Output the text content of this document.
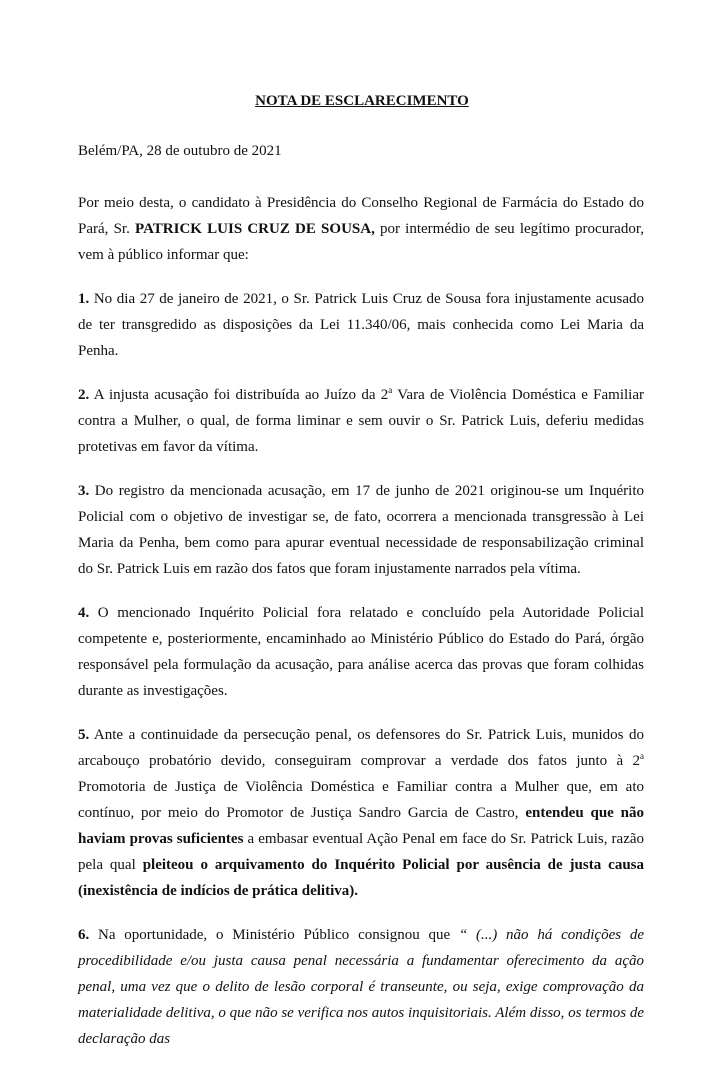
NOTA DE ESCLARECIMENTO

Belém/PA, 28 de outubro de 2021

Por meio desta, o candidato à Presidência do Conselho Regional de Farmácia do Estado do Pará, Sr. PATRICK LUIS CRUZ DE SOUSA, por intermédio de seu legítimo procurador, vem à público informar que:

1. No dia 27 de janeiro de 2021, o Sr. Patrick Luis Cruz de Sousa fora injustamente acusado de ter transgredido as disposições da Lei 11.340/06, mais conhecida como Lei Maria da Penha.

2. A injusta acusação foi distribuída ao Juízo da 2$^a$ Vara de Violência Doméstica e Familiar contra a Mulher, o qual, de forma liminar e sem ouvir o Sr. Patrick Luis, deferiu medidas protetivas em favor da vítima.

3. Do registro da mencionada acusação, em 17 de junho de 2021 originou-se um Inquérito Policial com o objetivo de investigar se, de fato, ocorrera a mencionada transgressão à Lei Maria da Penha, bem como para apurar eventual necessidade de responsabilização criminal do Sr. Patrick Luis em razão dos fatos que foram injustamente narrados pela vítima.

4. O mencionado Inquérito Policial fora relatado e concluído pela Autoridade Policial competente e, posteriormente, encaminhado ao Ministério Público do Estado do Pará, órgão responsável pela formulação da acusação, para análise acerca das provas que foram colhidas durante as investigações.

5. Ante a continuidade da persecução penal, os defensores do Sr. Patrick Luis, munidos do arcabouço probatório devido, conseguiram comprovar a verdade dos fatos junto à 2$^a$ Promotoria de Justiça de Violência Doméstica e Familiar contra a Mulher que, em ato contínuo, por meio do Promotor de Justiça Sandro Garcia de Castro, entendeu que não haviam provas suficientes a embasar eventual Ação Penal em face do Sr. Patrick Luis, razão pela qual pleiteou o arquivamento do Inquérito Policial por ausência de justa causa (inexistência de indícios de prática delitiva).

6. Na oportunidade, o Ministério Público consignou que “ (...) não há condições de procedibilidade e/ou justa causa penal necessária a fundamentar oferecimento da ação penal, uma vez que o delito de lesão corporal é transeunte, ou seja, exige comprovação da materialidade delitiva, o que não se verifica nos autos inquisitoriais. Além disso, os termos de declaração das
